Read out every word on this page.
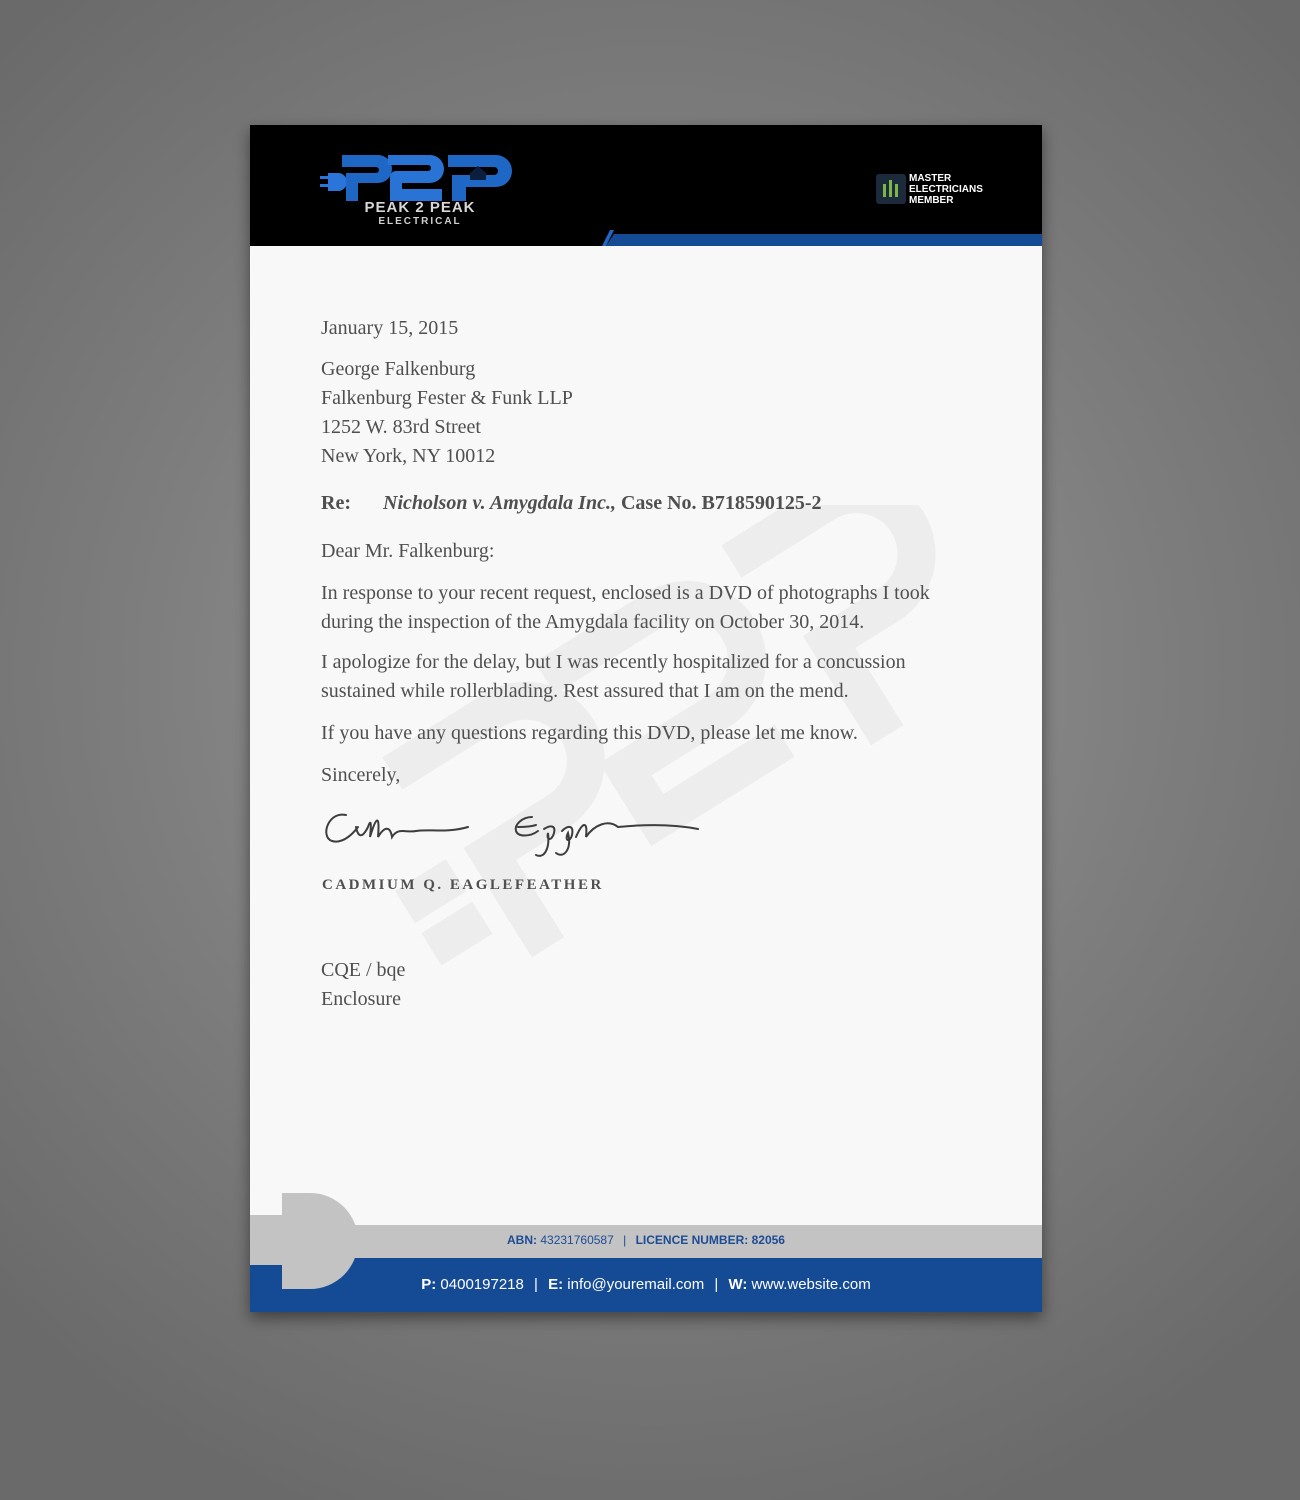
PEAK 2 PEAK
ELECTRICAL
MASTER
ELECTRICIANS
MEMBER
January 15, 2015
George Falkenburg
Falkenburg Fester & Funk LLP
1252 W. 83rd Street
New York, NY 10012
Re: Nicholson v. Amygdala Inc., Case No. B718590125-2
Dear Mr. Falkenburg:
In response to your recent request, enclosed is a DVD of photographs I took
during the inspection of the Amygdala facility on October 30, 2014.
I apologize for the delay, but I was recently hospitalized for a concussion
sustained while rollerblading. Rest assured that I am on the mend.
If you have any questions regarding this DVD, please let me know.
Sincerely,
CADMIUM Q. EAGLEFEATHER
CQE / bqe
Enclosure
ABN: 43231760587 | LICENCE NUMBER: 82056
P: 0400197218 | E: info@youremail.com | W: www.website.com
